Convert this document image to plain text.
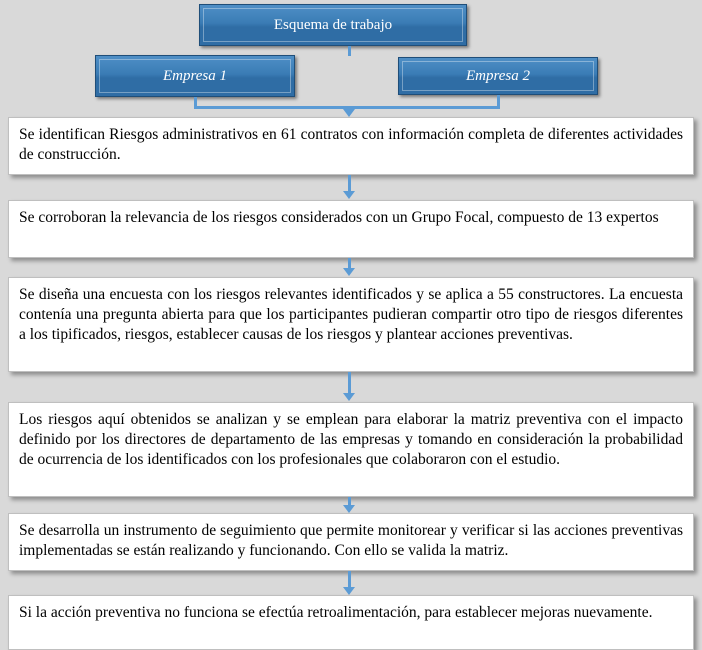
Esquema de trabajo
Empresa 1	Empresa 2
Se identifican Riesgos administrativos en 61 contratos con información completa de diferentes actividades de construcción.
Se corroboran la relevancia de los riesgos considerados con un Grupo Focal, compuesto de 13 expertos
Se diseña una encuesta con los riesgos relevantes identificados y se aplica a 55 constructores. La encuesta contenía una pregunta abierta para que los participantes pudieran compartir otro tipo de riesgos diferentes a los tipificados, riesgos, establecer causas de los riesgos y plantear acciones preventivas.
Los riesgos aquí obtenidos se analizan y se emplean para elaborar la matriz preventiva con el impacto definido por los directores de departamento de las empresas y tomando en consideración la probabilidad de ocurrencia de los identificados con los profesionales que colaboraron con el estudio.
Se desarrolla un instrumento de seguimiento que permite monitorear y verificar si las acciones preventivas implementadas se están realizando y funcionando. Con ello se valida la matriz.
Si la acción preventiva no funciona se efectúa retroalimentación, para establecer mejoras nuevamente.
